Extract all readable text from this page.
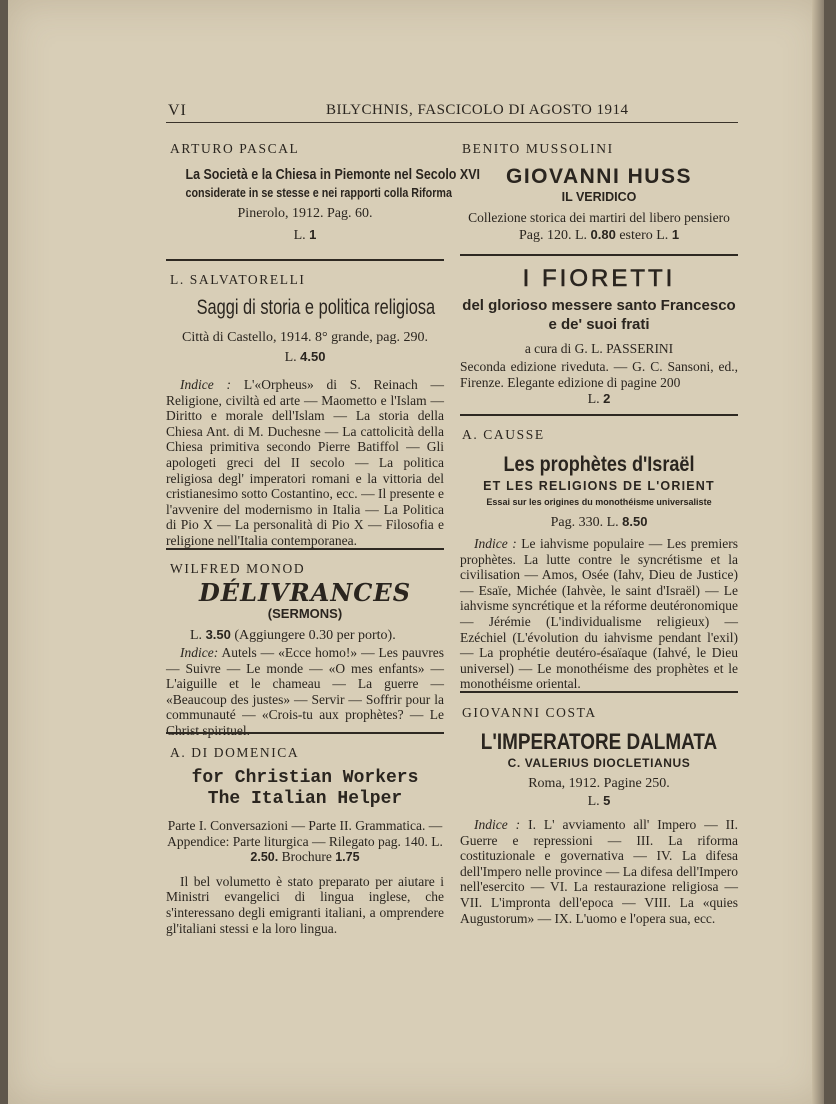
VI	BILYCHNIS, FASCICOLO DI AGOSTO 1914

ARTURO PASCAL

La Società e la Chiesa in Piemonte nel Secolo XVI
considerate in se stesse e nei rapporti colla Riforma
Pinerolo, 1912. Pag. 60.
L. 1

L. SALVATORELLI

Saggi di storia e politica religiosa
Città di Castello, 1914. 8° grande, pag. 290.
L. 4.50
Indice : L'«Orpheus» di S. Reinach — Religione, civiltà ed arte — Maometto e l'Islam — Diritto e morale dell'Islam — La storia della Chiesa Ant. di M. Duchesne — La cattolicità della Chiesa primitiva secondo Pierre Batiffol — Gli apologeti greci del II secolo — La politica religiosa degl' imperatori romani e la vittoria del cristianesimo sotto Costantino, ecc. — Il presente e l'avvenire del modernismo in Italia — La Politica di Pio X — La personalità di Pio X — Filosofia e religione nell'Italia contemporanea.

WILFRED MONOD

DÉLIVRANCES
(SERMONS)
L. 3.50 (Aggiungere 0.30 per porto).
Indice: Autels — «Ecce homo!» — Les pauvres — Suivre — Le monde — «O mes enfants» — L'aiguille et le chameau — La guerre — «Beaucoup des justes» — Servir — Soffrir pour la communauté — «Crois-tu aux prophètes? — Le Christ spirituel.

A. DI DOMENICA

for Christian Workers
The Italian Helper
Parte I. Conversazioni — Parte II. Grammatica. — Appendice: Parte liturgica — Rilegato pag. 140. L. 2.50. Brochure 1.75
Il bel volumetto è stato preparato per aiutare i Ministri evangelici di lingua inglese, che s'interessano degli emigranti italiani, a omprendere gl'italiani stessi e la loro lingua.

BENITO MUSSOLINI

GIOVANNI HUSS
IL VERIDICO
Collezione storica dei martiri del libero pensiero
Pag. 120. L. 0.80 estero L. 1
I FIORETTI
del glorioso messere santo Francesco
e de' suoi frati
a cura di G. L. PASSERINI
Seconda edizione riveduta. — G. C. Sansoni, ed., Firenze. Elegante edizione di pagine 200
L. 2

A. CAUSSE

Les prophètes d'Israël
ET LES RELIGIONS DE L'ORIENT
Essai sur les origines du monothéisme universaliste
Pag. 330. L. 8.50
Indice : Le iahvisme populaire — Les premiers prophètes. La lutte contre le syncrétisme et la civilisation — Amos, Osée (Iahv, Dieu de Justice) — Esaïe, Michée (Iahvèe, le saint d'Israël) — Le iahvisme syncrétique et la réforme deutéronomique — Jérémie (L'individualisme religieux) — Ezéchiel (L'évolution du iahvisme pendant l'exil) — La prophétie deutéro-ésaïaque (Iahvé, le Dieu universel) — Le monothéisme des prophètes et le monothéisme oriental.

GIOVANNI COSTA

L'IMPERATORE DALMATA
C. VALERIUS DIOCLETIANUS
Roma, 1912. Pagine 250.
L. 5
Indice : I. L' avviamento all' Impero — II. Guerre e repressioni — III. La riforma costituzionale e governativa — IV. La difesa dell'Impero nelle province — La difesa dell'Impero nell'esercito — VI. La restaurazione religiosa — VII. L'impronta dell'epoca — VIII. La «quies Augustorum» — IX. L'uomo e l'opera sua, ecc.
